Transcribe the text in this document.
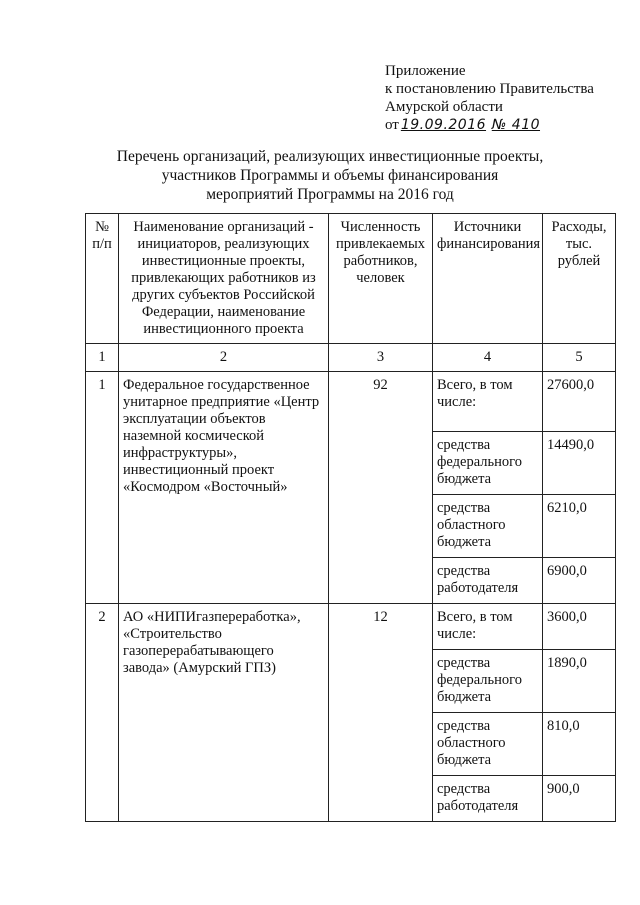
Приложение
к постановлению Правительства
Амурской области
от 19.09.2016 № 410
Перечень организаций, реализующих инвестиционные проекты,
участников Программы и объемы финансирования
мероприятий Программы на 2016 год
№ п/п	Наименование организаций - инициаторов, реализующих инвестиционные проекты, привлекающих работников из других субъектов Российской Федерации, наименование инвестиционного проекта	Численность привлекаемых работников, человек	Источники финансирования	Расходы, тыс. рублей
1	2	3	4	5
1	Федеральное государственное унитарное предприятие «Центр эксплуатации объектов наземной космической инфраструктуры», инвестиционный проект «Космодром «Восточный»	92	Всего, в том числе:	27600,0
			средства федерального бюджета	14490,0
			средства областного бюджета	6210,0
			средства работодателя	6900,0
2	АО «НИПИгазпереработка», «Строительство газоперерабатывающего завода» (Амурский ГПЗ)	12	Всего, в том числе:	3600,0
			средства федерального бюджета	1890,0
			средства областного бюджета	810,0
			средства работодателя	900,0
